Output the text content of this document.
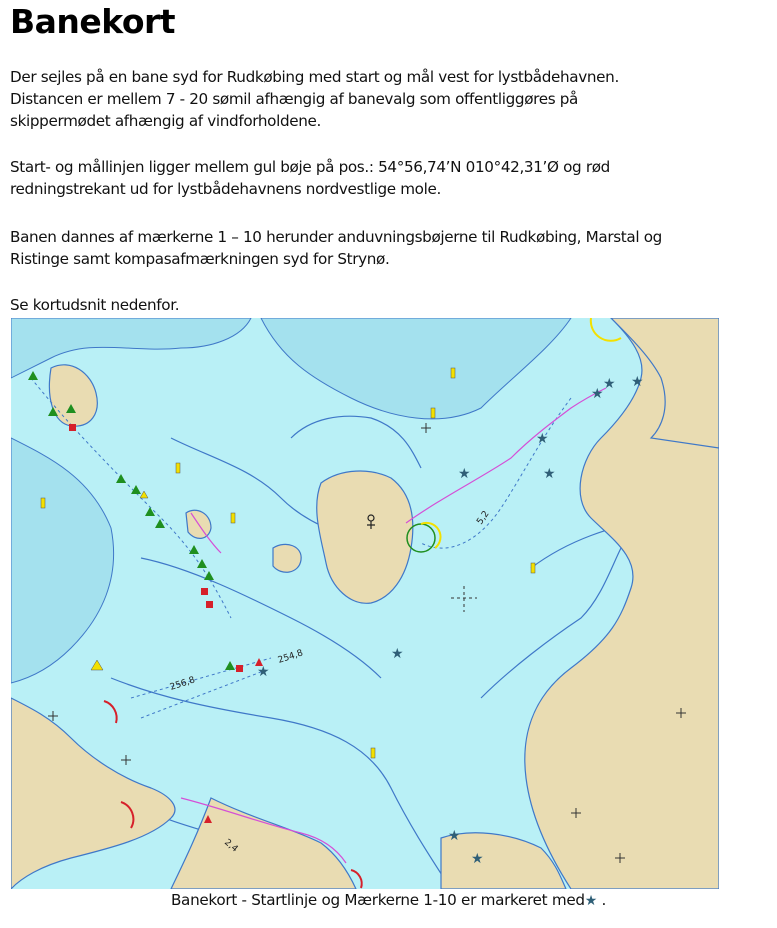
Banekort

Der sejles på en bane syd for Rudkøbing med start og mål vest for lystbådehavnen.

Distancen er mellem 7 - 20 sømil afhængig af banevalg som offentliggøres på

skippermødet afhængig af vindforholdene.

Start- og mållinjen ligger mellem gul bøje på pos.: 54°56,74’N 010°42,31’Ø og rød

redningstrekant ud for lystbådehavnens nordvestlige mole.

Banen dannes af mærkerne 1 – 10 herunder anduvningsbøjerne til Rudkøbing, Marstal og

Ristinge samt kompasafmærkningen syd for Strynø.

Se kortudsnit nedenfor.

★
★
★
★
★ ★
★
★
★
★
254,8
256,8
5,2
2,4
Banekort - Startlinje og Mærkerne 1-10 er markeret med★ .
